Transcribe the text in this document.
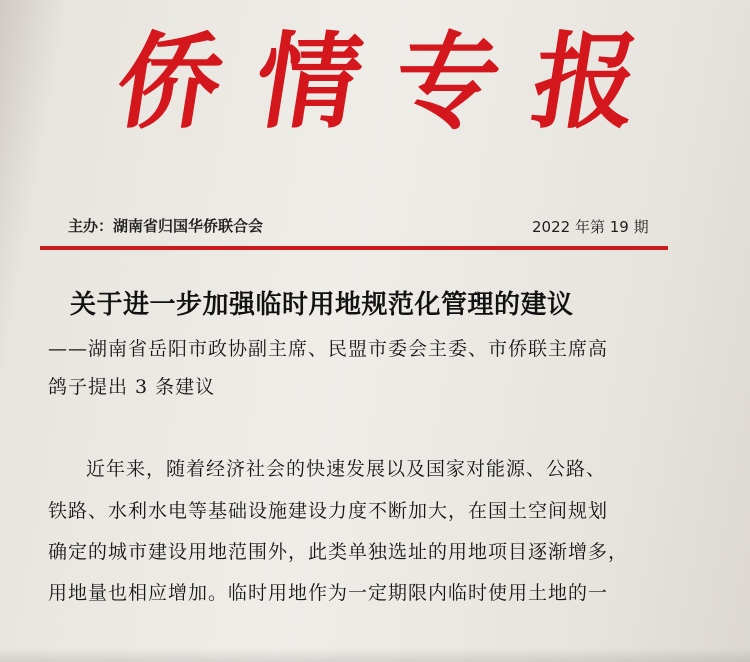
侨 情 专 报
主办：湖南省归国华侨联合会	2022 年第 19 期
关于进一步加强临时用地规范化管理的建议
——湖南省岳阳市政协副主席、民盟市委会主委、市侨联主席高
鸽子提出 3 条建议
近年来，随着经济社会的快速发展以及国家对能源、公路、
铁路、水利水电等基础设施建设力度不断加大，在国土空间规划
确定的城市建设用地范围外，此类单独选址的用地项目逐渐增多，
用地量也相应增加。临时用地作为一定期限内临时使用土地的一
